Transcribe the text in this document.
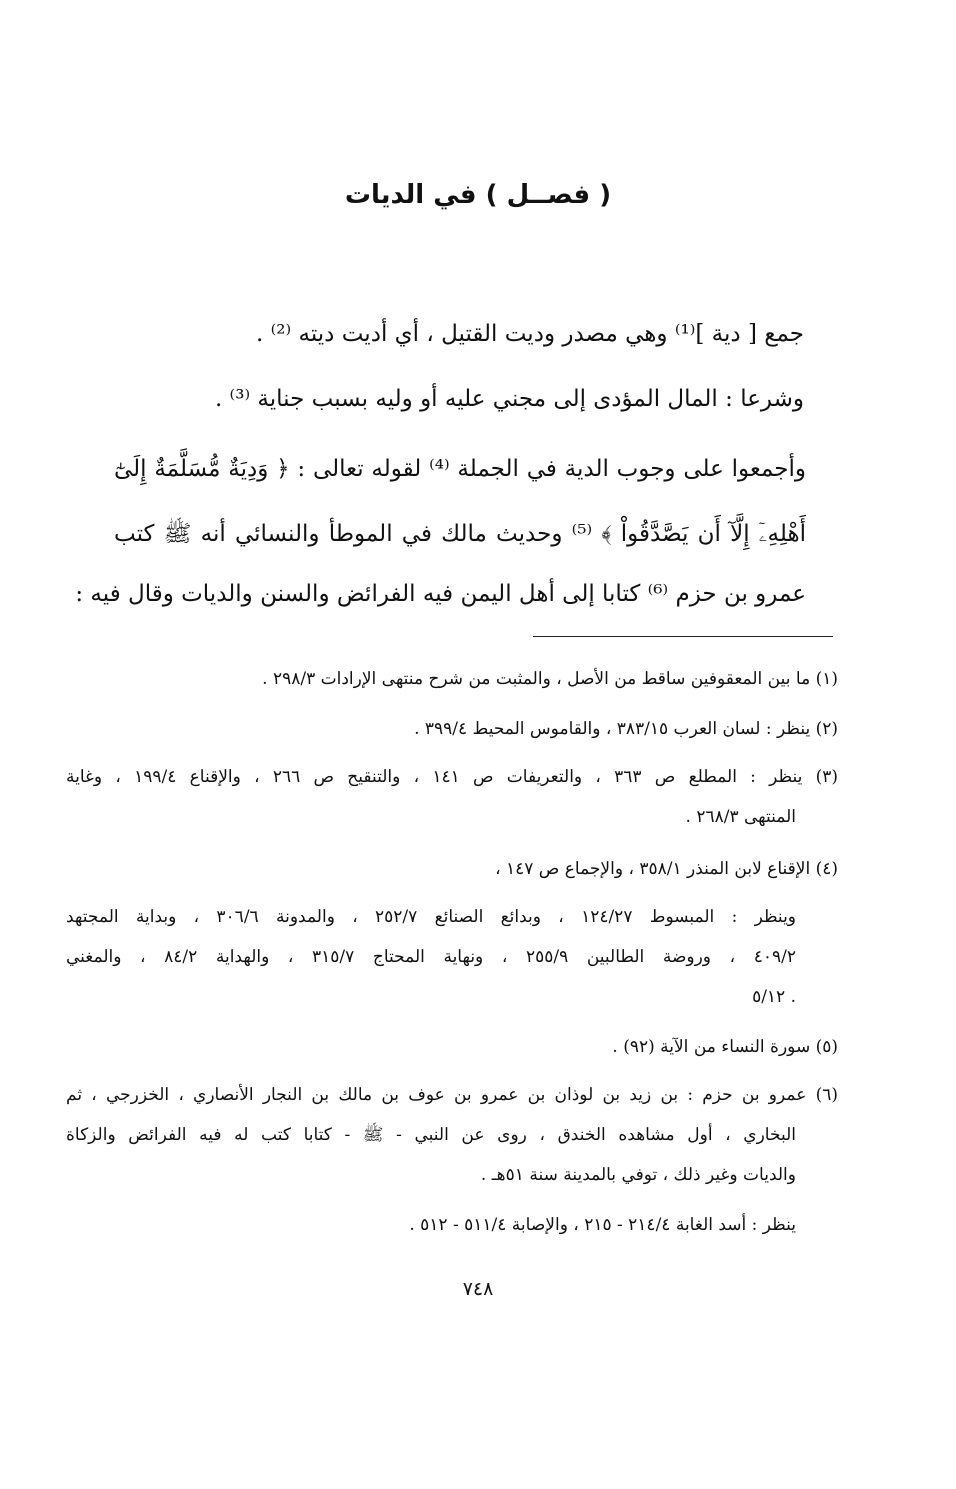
( فصــل ) في الديات
جمع [ دية ]⁽¹⁾ وهي مصدر وديت القتيل ، أي أديت ديته ⁽²⁾ .
وشرعا : المال المؤدى إلى مجني عليه أو وليه بسبب جناية ⁽³⁾ .
وأجمعوا على وجوب الدية في الجملة ⁽⁴⁾ لقوله تعالى : ﴿ وَدِيَةٌ مُّسَلَّمَةٌ إِلَىٰٓ
أَهْلِهِۦٓ إِلَّآ أَن يَصَّدَّقُواْ ﴾ ⁽⁵⁾ وحديث مالك في الموطأ والنسائي أنه ﷺ كتب
عمرو بن حزم ⁽⁶⁾ كتابا إلى أهل اليمن فيه الفرائض والسنن والديات وقال فيه :
(١) ما بين المعقوفين ساقط من الأصل ، والمثبت من شرح منتهى الإرادات ٢٩٨/٣ .
(٢) ينظر : لسان العرب ٣٨٣/١٥ ، والقاموس المحيط ٣٩٩/٤ .
(٣) ينظر : المطلع ص ٣٦٣ ، والتعريفات ص ١٤١ ، والتنقيح ص ٢٦٦ ، والإقناع ١٩٩/٤ ، وغاية
المنتهى ٢٦٨/٣ .
(٤) الإقناع لابن المنذر ٣٥٨/١ ، والإجماع ص ١٤٧ ،
وينظر : المبسوط ١٢٤/٢٧ ، وبدائع الصنائع ٢٥٢/٧ ، والمدونة ٣٠٦/٦ ، وبداية المجتهد
٤٠٩/٢ ، وروضة الطالبين ٢٥٥/٩ ، ونهاية المحتاج ٣١٥/٧ ، والهداية ٨٤/٢ ، والمغني
. ٥/١٢
(٥) سورة النساء من الآية (٩٢) .
(٦) عمرو بن حزم : بن زيد بن لوذان بن عمرو بن عوف بن مالك بن النجار الأنصاري ، الخزرجي ، ثم
البخاري ، أول مشاهده الخندق ، روى عن النبي - ﷺ - كتابا كتب له فيه الفرائض والزكاة
والديات وغير ذلك ، توفي بالمدينة سنة ٥١هـ .
ينظر : أسد الغابة ٢١٤/٤ - ٢١٥ ، والإصابة ٥١١/٤ - ٥١٢ .
٧٤٨
